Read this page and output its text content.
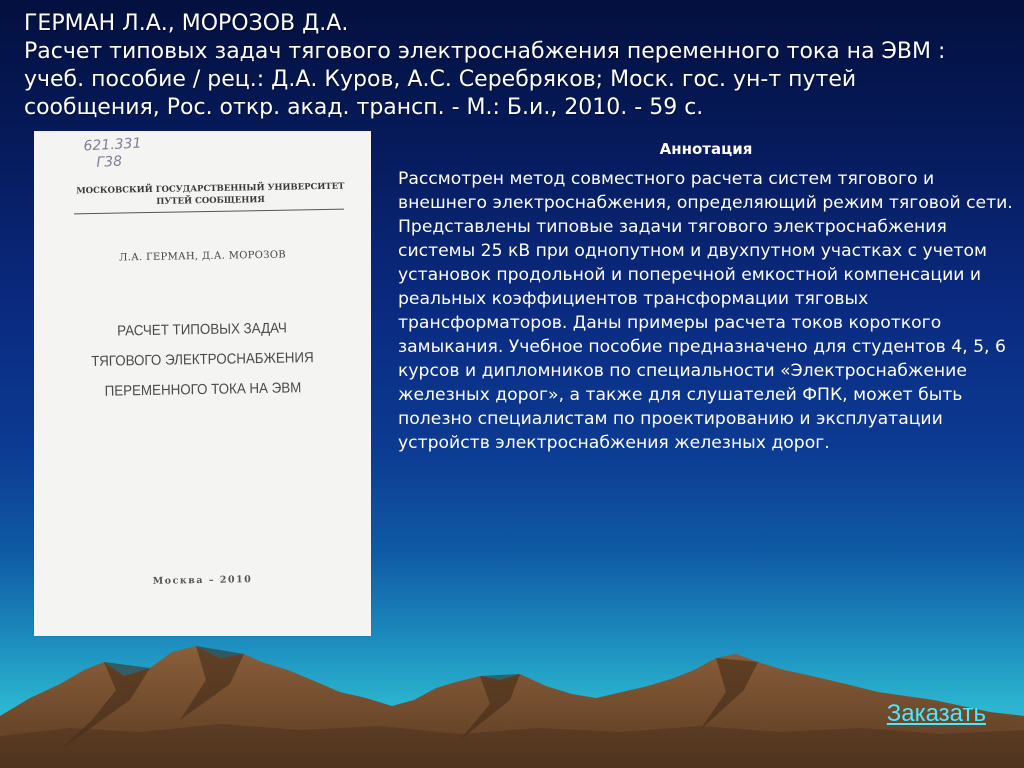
ГЕРМАН Л.А., МОРОЗОВ Д.А.
Расчет типовых задач тягового электроснабжения переменного тока на ЭВМ :
учеб. пособие / рец.: Д.А. Куров, А.С. Серебряков; Моск. гос. ун-т путей
сообщения, Рос. откр. акад. трансп. - М.: Б.и., 2010. - 59 с.
621.331
Г38
МОСКОВСКИЙ ГОСУДАРСТВЕННЫЙ УНИВЕРСИТЕТ
ПУТЕЙ СООБЩЕНИЯ
Л.А. ГЕРМАН, Д.А. МОРОЗОВ
РАСЧЕТ ТИПОВЫХ ЗАДАЧ
ТЯГОВОГО ЭЛЕКТРОСНАБЖЕНИЯ
ПЕРЕМЕННОГО ТОКА НА ЭВМ
Москва – 2010
Аннотация

Рассмотрен метод совместного расчета систем тягового и внешнего электроснабжения, определяющий режим тяговой сети. Представлены типовые задачи тягового электроснабжения системы 25 кВ при однопутном и двухпутном участках с учетом установок продольной и поперечной емкостной компенсации и реальных коэффициентов трансформации тяговых трансформаторов. Даны примеры расчета токов короткого замыкания. Учебное пособие предназначено для студентов 4, 5, 6 курсов и дипломников по специальности «Электроснабжение железных дорог», а также для слушателей ФПК, может быть полезно специалистам по проектированию и эксплуатации устройств электроснабжения железных дорог.

Заказать
